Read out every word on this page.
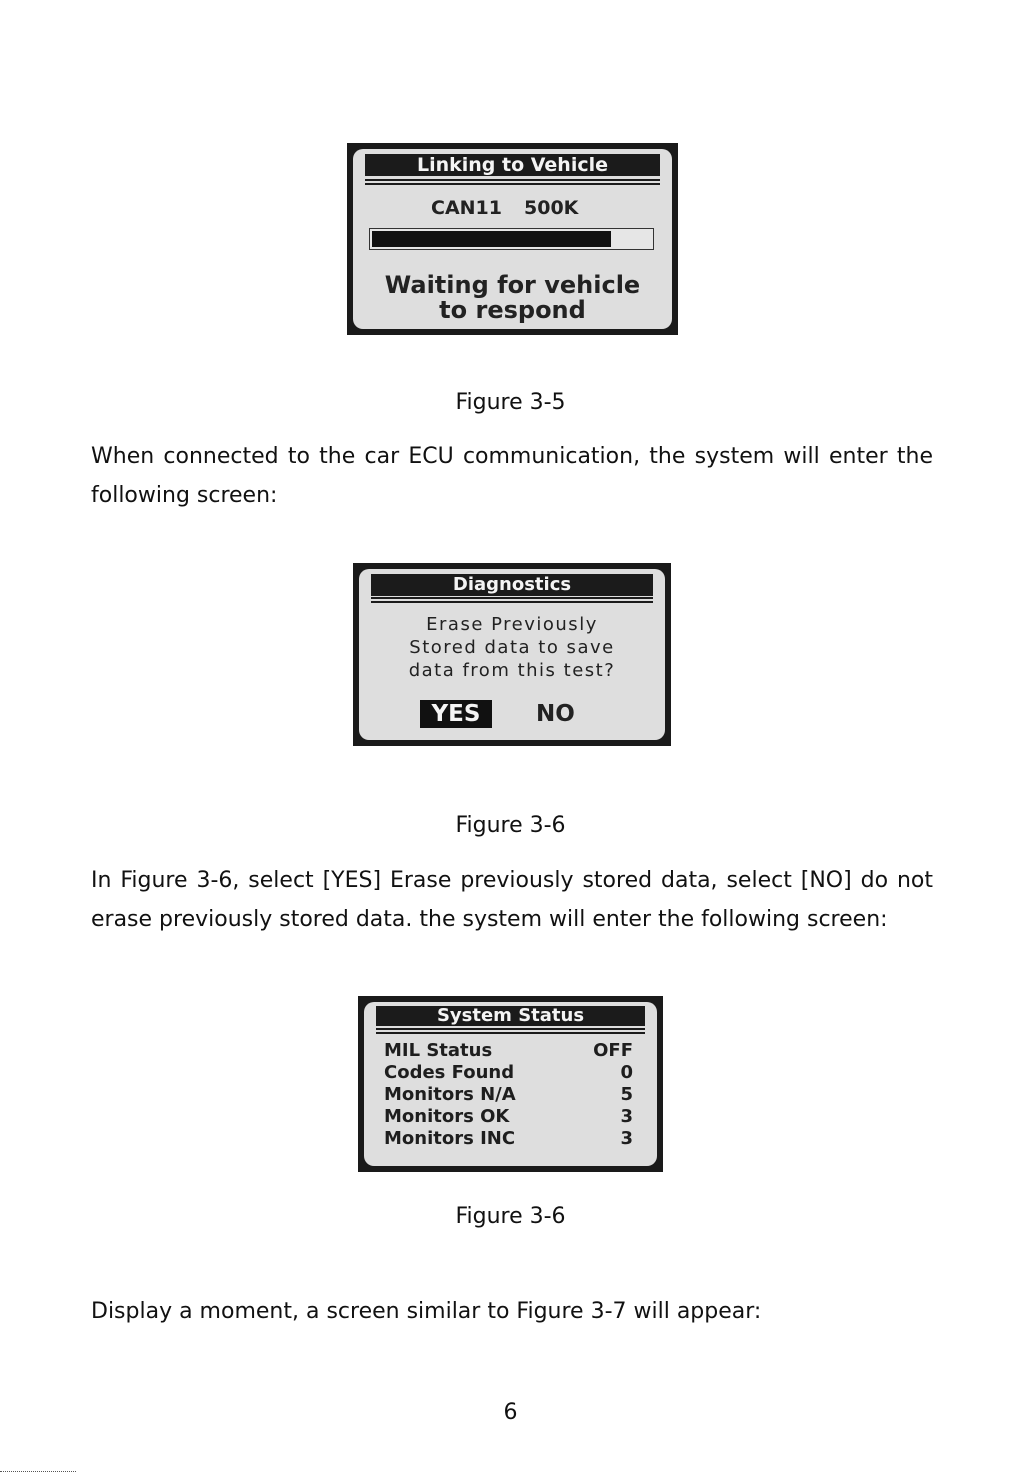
Linking to Vehicle
CAN11 500K
Waiting for vehicle
to respond
Figure 3-5
When connected to the car ECU communication, the system will enter the following screen:
Diagnostics
Erase Previously
Stored data to save
data from this test?
YES	NO
Figure 3-6
In Figure 3-6, select [YES] Erase previously stored data, select [NO] do not erase previously stored data. the system will enter the following screen:
System Status
MIL Status	OFF
Codes Found	0
Monitors N/A	5
Monitors OK	3
Monitors INC	3
Figure 3-6
Display a moment, a screen similar to Figure 3-7 will appear:
6
